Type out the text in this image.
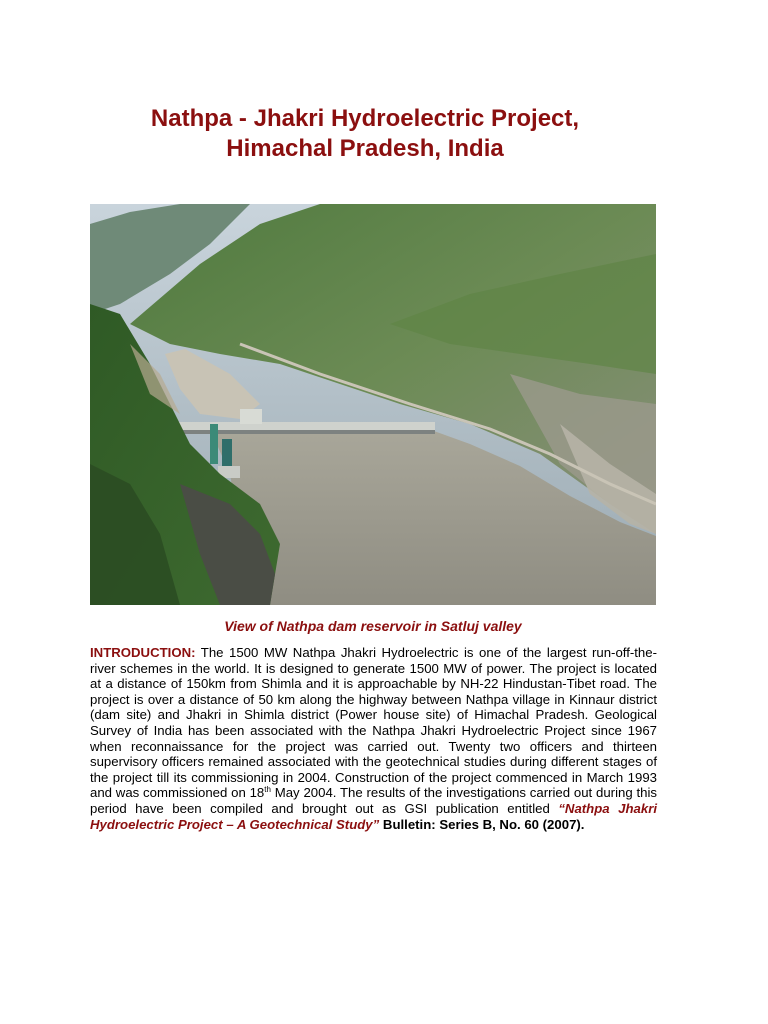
Nathpa - Jhakri Hydroelectric Project,
Himachal Pradesh, India
View of Nathpa dam reservoir in Satluj valley
INTRODUCTION: The 1500 MW Nathpa Jhakri Hydroelectric is one of the largest run-off-the-river schemes in the world. It is designed to generate 1500 MW of power. The project is located at a distance of 150km from Shimla and it is approachable by NH-22 Hindustan-Tibet road. The project is over a distance of 50 km along the highway between Nathpa village in Kinnaur district (dam site) and Jhakri in Shimla district (Power house site) of Himachal Pradesh. Geological Survey of India has been associated with the Nathpa Jhakri Hydroelectric Project since 1967 when reconnaissance for the project was carried out. Twenty two officers and thirteen supervisory officers remained associated with the geotechnical studies during different stages of the project till its commissioning in 2004. Construction of the project commenced in March 1993 and was commissioned on 18th May 2004. The results of the investigations carried out during this period have been compiled and brought out as GSI publication entitled “Nathpa Jhakri Hydroelectric Project – A Geotechnical Study” Bulletin: Series B, No. 60 (2007).
